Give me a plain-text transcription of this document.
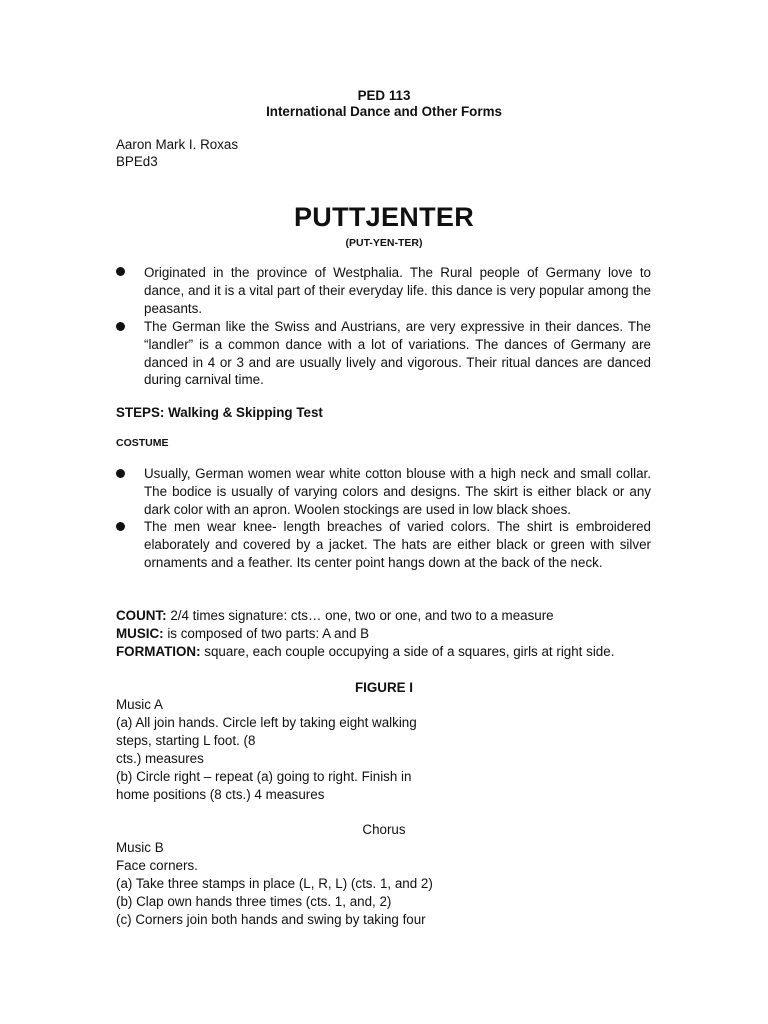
PED 113
International Dance and Other Forms
Aaron Mark I. Roxas
BPEd3
PUTTJENTER
(PUT-YEN-TER)

Originated in the province of Westphalia. The Rural people of Germany love to dance, and it is a vital part of their everyday life. this dance is very popular among the peasants.

The German like the Swiss and Austrians, are very expressive in their dances. The “landler” is a common dance with a lot of variations. The dances of Germany are danced in 4 or 3 and are usually lively and vigorous. Their ritual dances are danced during carnival time.

STEPS: Walking & Skipping Test
COSTUME

Usually, German women wear white cotton blouse with a high neck and small collar. The bodice is usually of varying colors and designs. The skirt is either black or any dark color with an apron. Woolen stockings are used in low black shoes.

The men wear knee- length breaches of varied colors. The shirt is embroidered elaborately and covered by a jacket. The hats are either black or green with silver ornaments and a feather. Its center point hangs down at the back of the neck.

COUNT: 2/4 times signature: cts… one, two or one, and two to a measure
MUSIC: is composed of two parts: A and B
FORMATION: square, each couple occupying a side of a squares, girls at right side.
FIGURE I
Music A
(a) All join hands. Circle left by taking eight walking
steps, starting L foot. (8
cts.) measures
(b) Circle right – repeat (a) going to right. Finish in
home positions (8 cts.) 4 measures
Chorus
Music B
Face corners.
(a) Take three stamps in place (L, R, L) (cts. 1, and 2)
(b) Clap own hands three times (cts. 1, and, 2)
(c) Corners join both hands and swing by taking four
